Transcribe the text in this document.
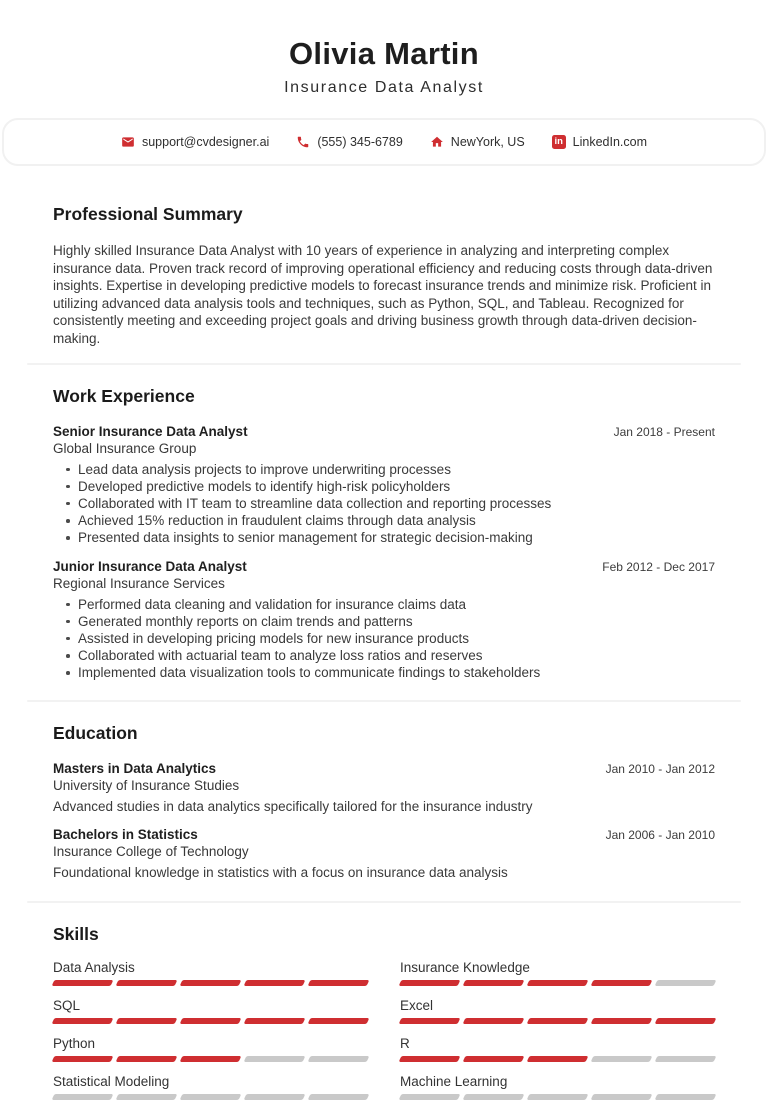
Olivia Martin
Insurance Data Analyst
support@cvdesigner.ai	(555) 345-6789	NewYork, US	in LinkedIn.com
Professional Summary

Highly skilled Insurance Data Analyst with 10 years of experience in analyzing and interpreting complex insurance data. Proven track record of improving operational efficiency and reducing costs through data-driven insights. Expertise in developing predictive models to forecast insurance trends and minimize risk. Proficient in utilizing advanced data analysis tools and techniques, such as Python, SQL, and Tableau. Recognized for consistently meeting and exceeding project goals and driving business growth through data-driven decision-making.

Work Experience
Senior Insurance Data Analyst	Jan 2018 - Present
Global Insurance Group
Lead data analysis projects to improve underwriting processes
Developed predictive models to identify high-risk policyholders
Collaborated with IT team to streamline data collection and reporting processes
Achieved 15% reduction in fraudulent claims through data analysis
Presented data insights to senior management for strategic decision-making
Junior Insurance Data Analyst	Feb 2012 - Dec 2017
Regional Insurance Services
Performed data cleaning and validation for insurance claims data
Generated monthly reports on claim trends and patterns
Assisted in developing pricing models for new insurance products
Collaborated with actuarial team to analyze loss ratios and reserves
Implemented data visualization tools to communicate findings to stakeholders
Education
Masters in Data Analytics	Jan 2010 - Jan 2012
University of Insurance Studies
Advanced studies in data analytics specifically tailored for the insurance industry
Bachelors in Statistics	Jan 2006 - Jan 2010
Insurance College of Technology
Foundational knowledge in statistics with a focus on insurance data analysis
Skills
Data Analysis	Insurance Knowledge
SQL	Excel
Python	R
Statistical Modeling	Machine Learning
